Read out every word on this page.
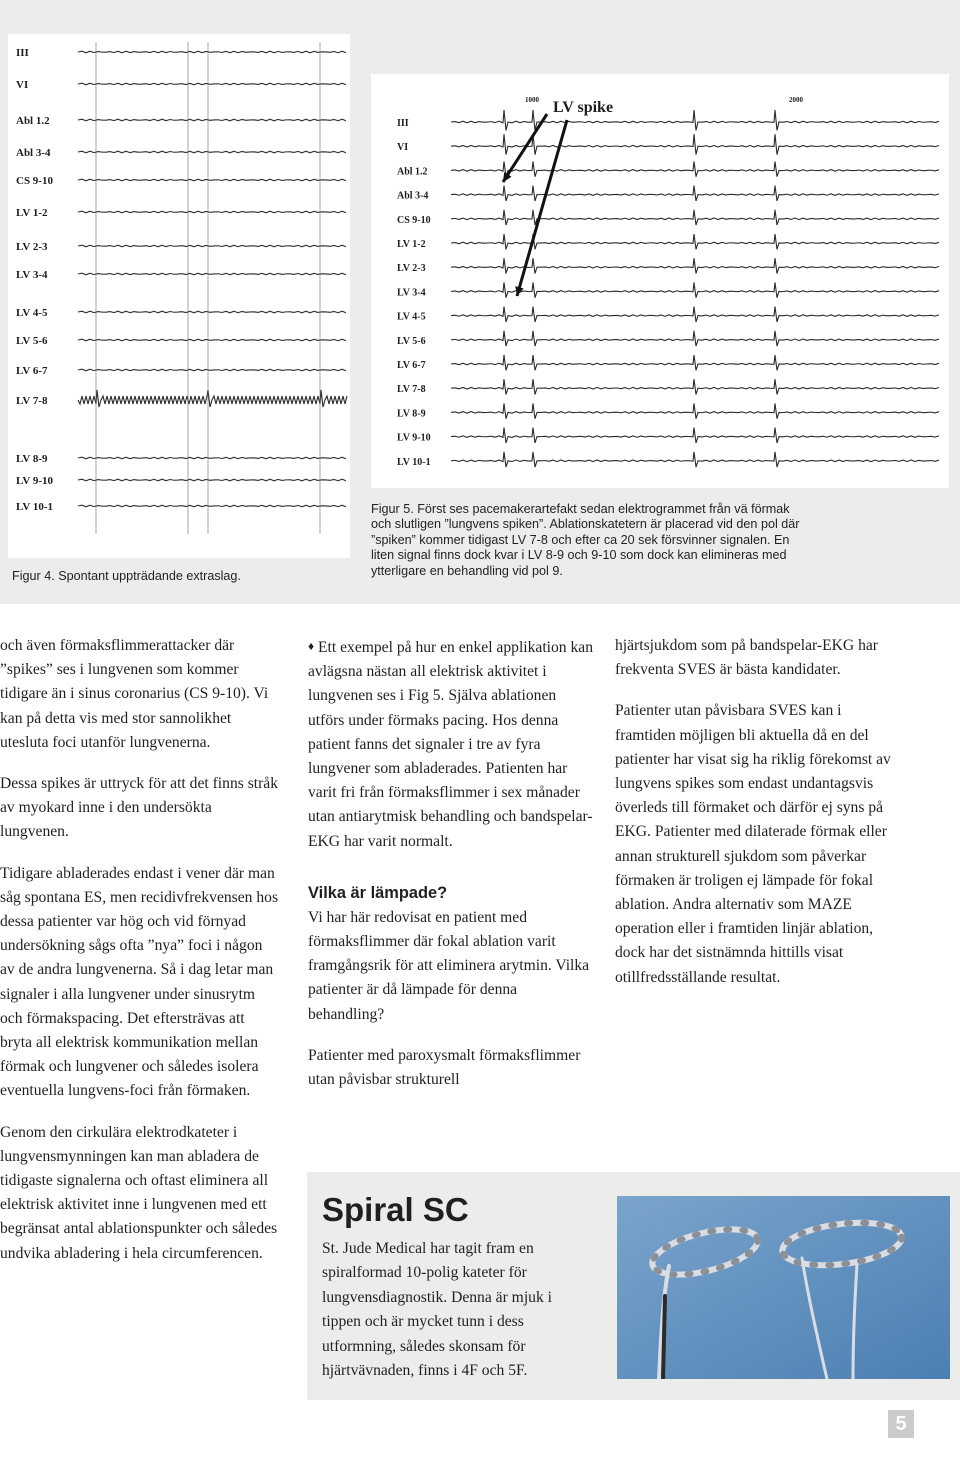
III
VI
Abl 1.2
Abl 3-4
CS 9-10
LV 1-2
LV 2-3
LV 3-4
LV 4-5
LV 5-6
LV 6-7
LV 7-8
LV 8-9
LV 9-10
LV 10-1
Figur 4. Spontant uppträdande extraslag.
III
VI
Abl 1.2
Abl 3-4
CS 9-10
LV 1-2
LV 2-3
LV 3-4
LV 4-5
LV 5-6
LV 6-7
LV 7-8
LV 8-9
LV 9-10
LV 10-1
LV spike
1000	2000
Figur 5. Först ses pacemakerartefakt sedan elektrogrammet från vä förmak
och slutligen ”lungvens spiken”. Ablationskatetern är placerad vid den pol där
”spiken” kommer tidigast LV 7-8 och efter ca 20 sek försvinner signalen. En
liten signal finns dock kvar i LV 8-9 och 9-10 som dock kan elimineras med
ytterligare en behandling vid pol 9.

och även förmaksflimmerattacker där ”spikes” ses i lungvenen som kommer tidigare än i sinus coronarius (CS 9-10). Vi kan på detta vis med stor sannolikhet utesluta foci utanför lungvenerna.

Dessa spikes är uttryck för att det finns stråk av myokard inne i den undersökta lungvenen.

Tidigare abladerades endast i vener där man såg spontana ES, men recidivfrekvensen hos dessa patienter var hög och vid förnyad undersökning sågs ofta ”nya” foci i någon av de andra lungvenerna. Så i dag letar man signaler i alla lungvener under sinusrytm och förmakspacing. Det eftersträvas att bryta all elektrisk kommunikation mellan förmak och lungvener och således isolera eventuella lungvens-foci från förmaken.

Genom den cirkulära elektrodkateter i lungvensmynningen kan man abladera de tidigaste signalerna och oftast eliminera all elektrisk aktivitet inne i lungvenen med ett begränsat antal ablationspunkter och således undvika abladering i hela circumferencen.

♦ Ett exempel på hur en enkel applikation kan avlägsna nästan all elektrisk aktivitet i lungvenen ses i Fig 5. Själva ablationen utförs under förmaks pacing. Hos denna patient fanns det signaler i tre av fyra lungvener som abladerades. Patienten har varit fri från förmaksflimmer i sex månader utan antiarytmisk behandling och bandspelar-EKG har varit normalt.

Vilka är lämpade?

Vi har här redovisat en patient med förmaksflimmer där fokal ablation varit framgångsrik för att eliminera arytmin. Vilka patienter är då lämpade för denna behandling?

Patienter med paroxysmalt förmaksflimmer utan påvisbar strukturell

hjärtsjukdom som på bandspelar-EKG har frekventa SVES är bästa kandidater.

Patienter utan påvisbara SVES kan i framtiden möjligen bli aktuella då en del patienter har visat sig ha riklig förekomst av lungvens spikes som endast undantagsvis överleds till förmaket och därför ej syns på EKG. Patienter med dilaterade förmak eller annan strukturell sjukdom som påverkar förmaken är troligen ej lämpade för fokal ablation. Andra alternativ som MAZE operation eller i framtiden linjär ablation, dock har det sistnämnda hittills visat otillfredsställande resultat.

Spiral SC
St. Jude Medical har tagit fram en spiralformad 10-polig kateter för lungvensdiagnostik. Denna är mjuk i tippen och är mycket tunn i dess utformning, således skonsam för hjärtvävnaden, finns i 4F och 5F.
5
